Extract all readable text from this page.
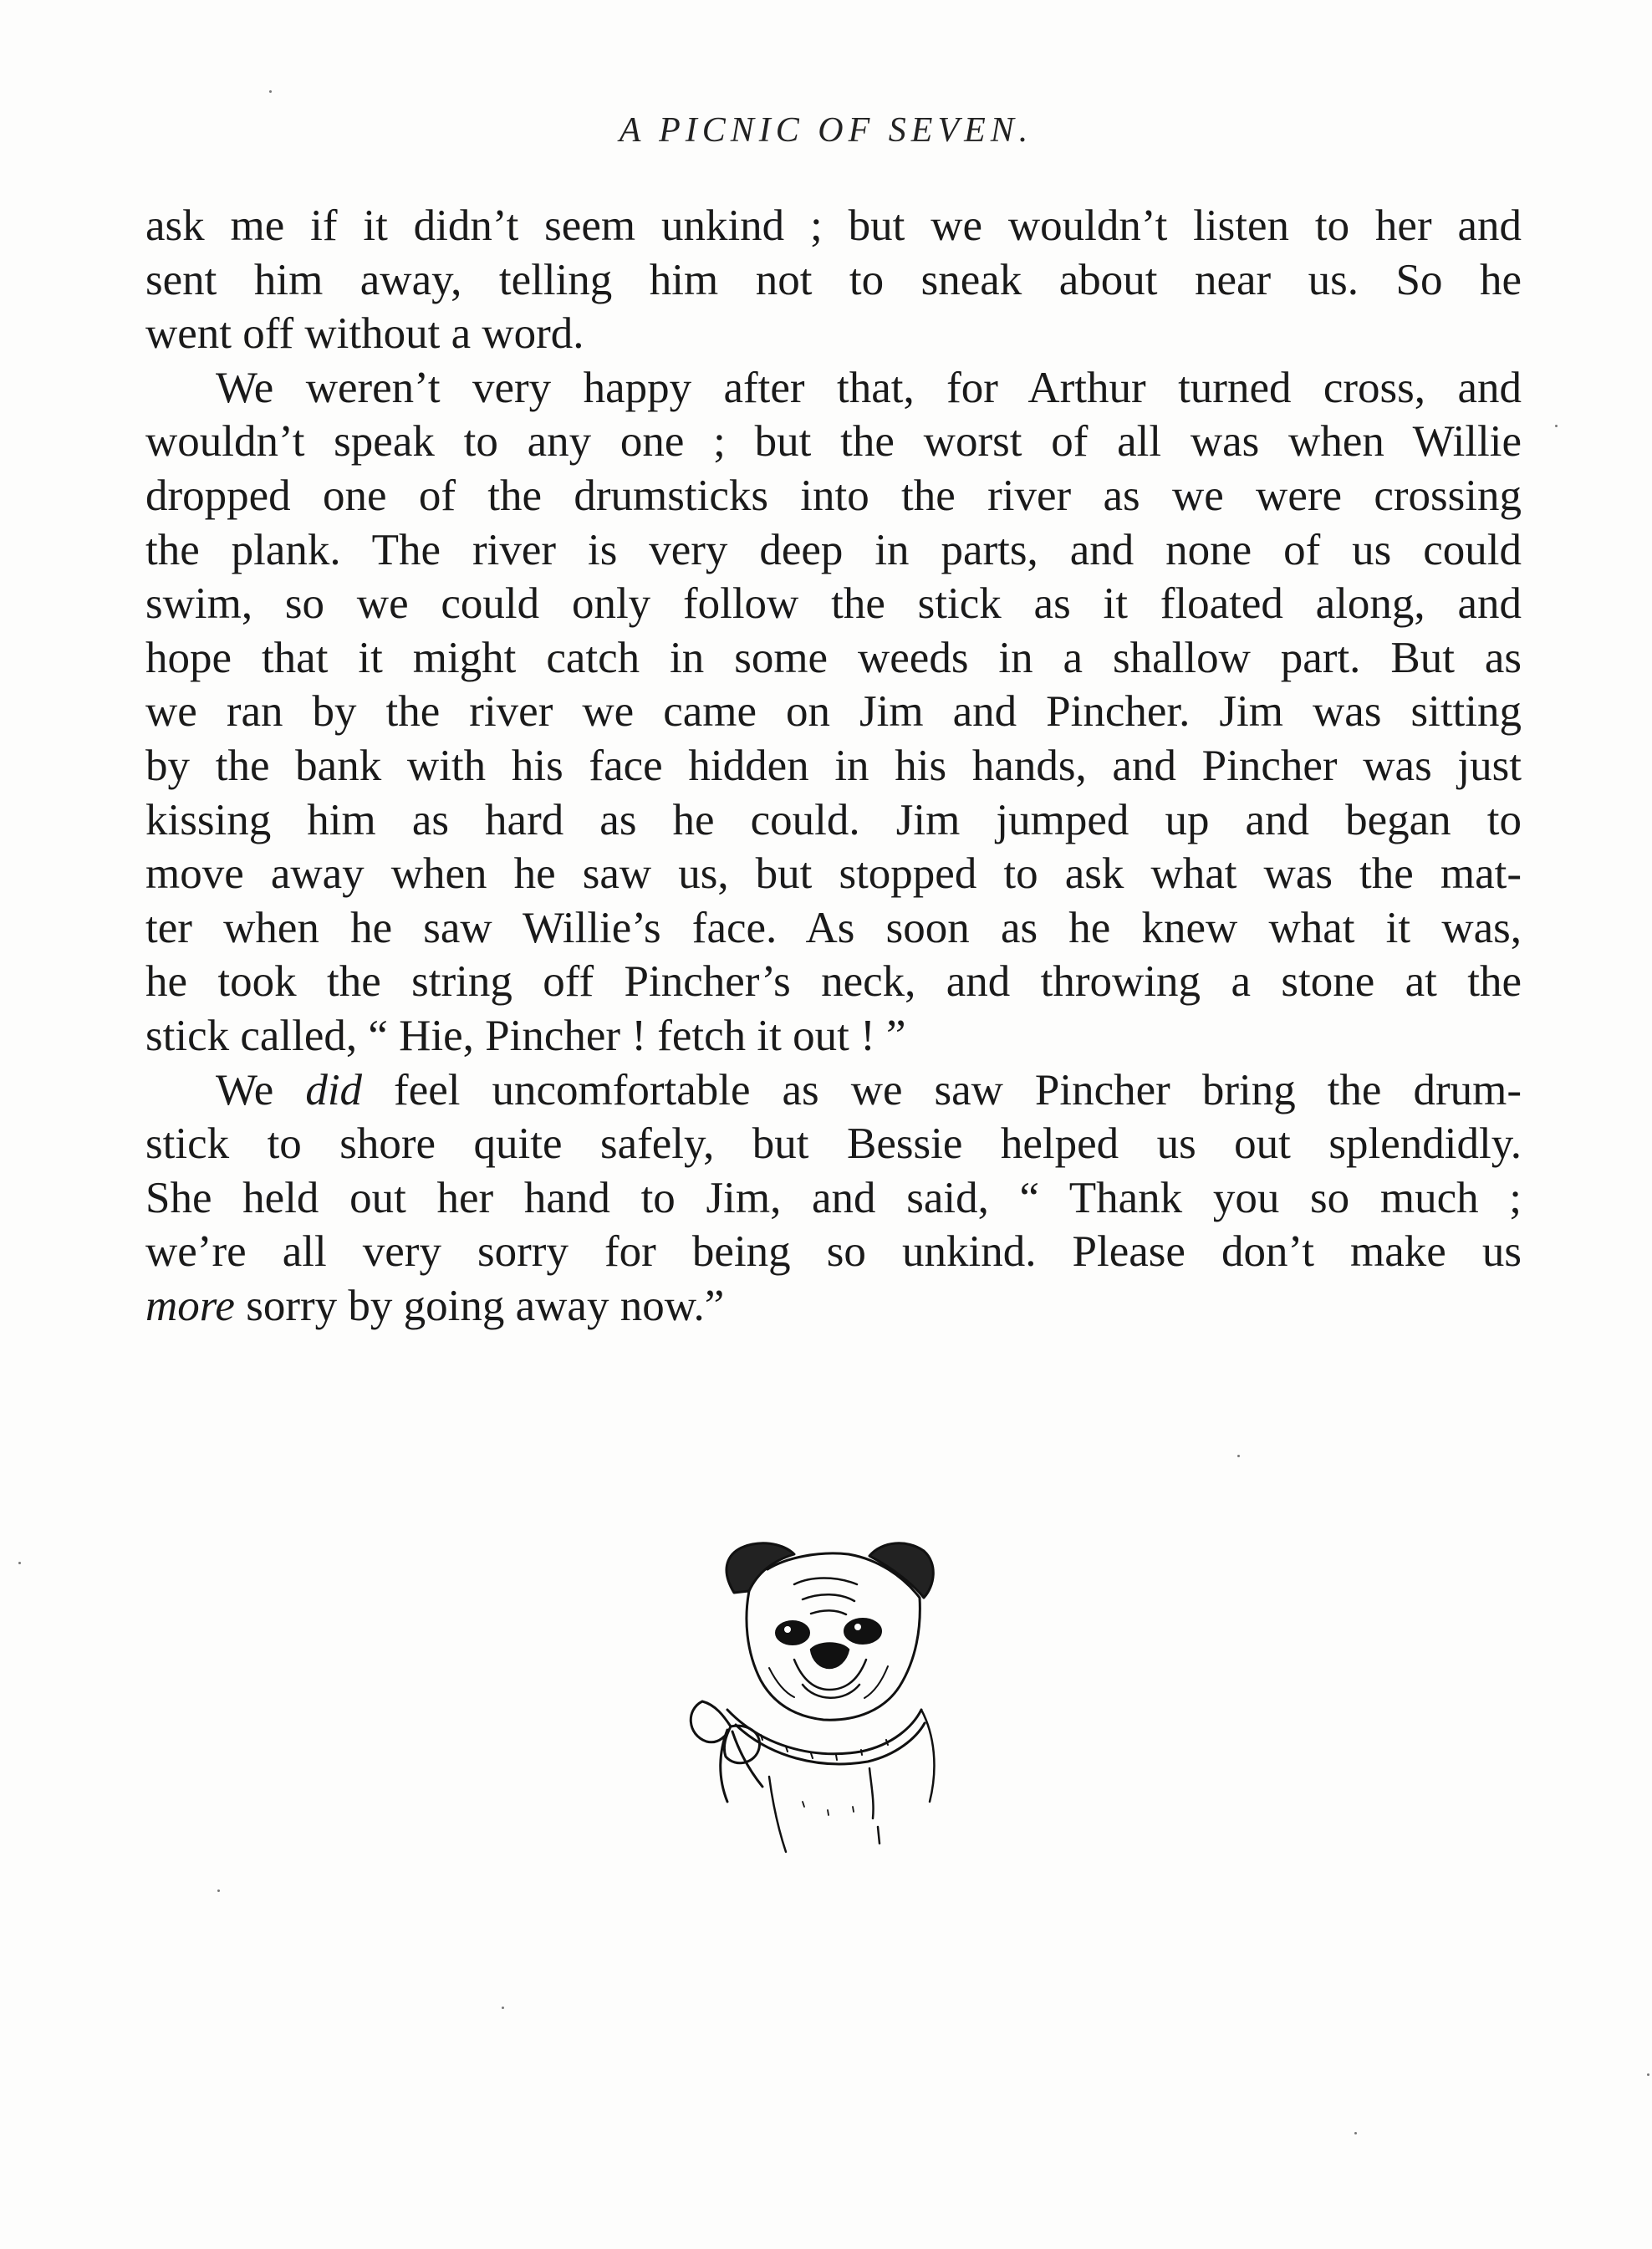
A PICNIC OF SEVEN.
ask me if it didn’t seem unkind ; but we wouldn’t listen to her and
sent him away, telling him not to sneak about near us. So he
went off without a word.
We weren’t very happy after that, for Arthur turned cross, and
wouldn’t speak to any one ; but the worst of all was when Willie
dropped one of the drumsticks into the river as we were crossing
the plank. The river is very deep in parts, and none of us could
swim, so we could only follow the stick as it floated along, and
hope that it might catch in some weeds in a shallow part. But as
we ran by the river we came on Jim and Pincher. Jim was sitting
by the bank with his face hidden in his hands, and Pincher was just
kissing him as hard as he could. Jim jumped up and began to
move away when he saw us, but stopped to ask what was the mat-
ter when he saw Willie’s face. As soon as he knew what it was,
he took the string off Pincher’s neck, and throwing a stone at the
stick called, “ Hie, Pincher ! fetch it out ! ”
We did feel uncomfortable as we saw Pincher bring the drum-
stick to shore quite safely, but Bessie helped us out splendidly.
She held out her hand to Jim, and said, “ Thank you so much ;
we’re all very sorry for being so unkind. Please don’t make us
more sorry by going away now.”
